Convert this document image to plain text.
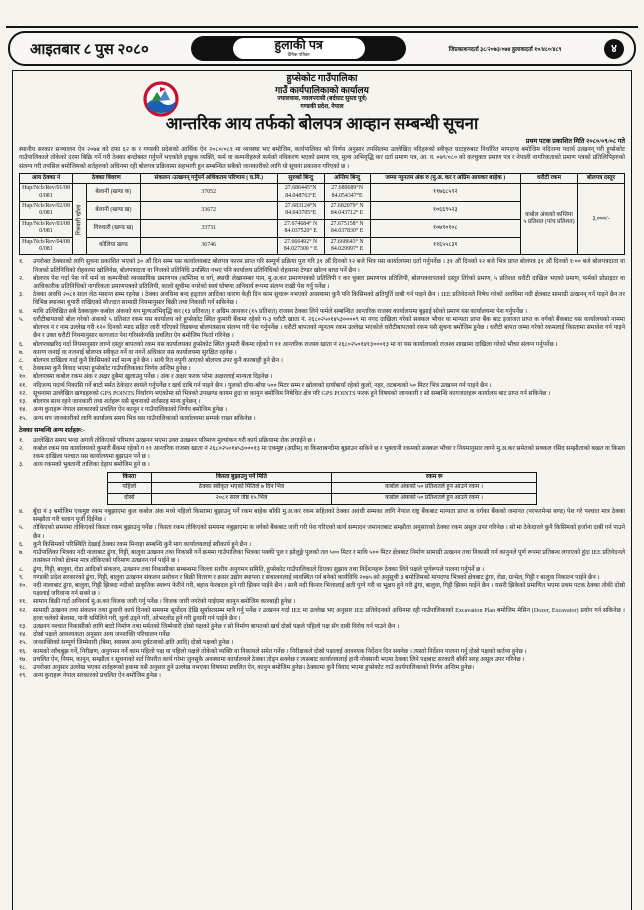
आइतबार ८ पुस २०८०	हुलाकी पत्र
दैनिक पत्रिका
जिप्रकाशनदर्ता ३८/२०७३/०७४ हुलाकदर्ता १०/४८०/४८९	४
हुप्सेकोट गाउँपालिका
गाउँ कार्यपालिकाको कार्यालय
ज्यालवास, नवलपरासी (बर्दघाट सुस्ता पूर्व)
गण्डकी प्रदेश, नेपाल
आन्तरिक आय तर्फको बोलपत्र आव्हान सम्बन्धी सूचना
प्रथम पटक प्रकाशित मिति २०८०/०९/०८ गते
स्थानीय सरकार सञ्चालन ऐन २०७४ को दफा ६२ क र गण्डकी प्रदेशको आर्थिक ऐन २०८०/०८१ मा व्यवस्था भए बमोजिम, कार्यपालिका को निर्णय अनुसार तपसिलमा उल्लेखित नदिहरुको स्वीकृत घाटहरुबाट निर्धारित मापदण्ड बमोजिम नदिजन्य पदार्थ उत्खनन् गरी हुप्सेकोट गाउँपालिकाले तोकेको दरमा बिक्रि गर्ने गरी ठेक्का बन्दोबस्त गर्नुपर्ने भएकोले इच्छुक व्यक्ति, फर्म वा कम्पनीहरुले फर्मको नविकरण भएको प्रमाण पत्र, मुल्य अभिवृद्धि कर दर्ता प्रमाण पत्र, आ. व. ०७९/०८० को करचुक्ता प्रमाण पत्र र नेपाली नागरिकताको प्रमाण पत्रको प्रतिलिपिहरुको संलग्न गरी तपसिल बमोजिमको शर्तहरुको अधिनमा रही बोलपत्र प्रक्रियामा सहभागी हुन सम्बन्धित सबैको जानकारीको लागि यो सूचना प्रकाशन गरिएको छ ।
आय ठेक्का नं	ठेक्का विवरण		संकलन /उत्खनन् गर्नुपर्ने अधिकतम परिणाम ( घ.मि.)	सुरुको बिन्दु	अन्तिम बिन्दु	जम्मा न्युनतम अंक रु (मु.अ. कर र अग्रिम आयकर बाहेक )	धरौटी रकम	बोलपत्र दस्तुर
Hup/Ncb/Rev/01/080/081	गिरुवारी खोला	बेलानी (खण्ड क)	37052	27.686445°N
84.048763°E	27.689689°N
84.054347°E	११७६८५९२	कबोल अंकको कम्तिमा ५ प्रतिशत (पांच प्रतिशत)	३,०००/-
Hup/Ncb/Rev/02/080/081		बेलानी (खण्ड ख)	33672	27.683124°N
84.043705°E	27.682079° N
84.043712° E	१०६६९५२३		
Hup/Ncb/Rev/03/080/081		गिरुवारी (खण्ड ख)	33731	27.674684° N
84.037520° E	27.675158° N
84.037830° E	१०७९०१०८		
Hup/Ncb/Rev/04/080/081		कोलिया खण्ड	36746	27.666492° N
84.027300 ° E	27.668643° N
84.029997° E	११६५५८३१		
१.	उपरोक्त ठेक्काको लागि सुचना प्रकाशित भएको ३० औं दिन सम्म यस कार्यालयबाट बोलपत्र फारम प्राप्त गरि सम्पूर्ण प्रक्रिया पुरा गरि ३१ औं दिनको १२ बजे भित्र यस कार्यालयमा दर्ता गर्नुपर्नेछ । ३१ औं दिनको १२ बजे भित्र प्राप्त बोलपत्र ३१ औं दिनको १:०० बजे बोलपत्रदाता वा निजको प्रतिनिधिको रोहवरमा खोलिनेछ, बोलपत्रदाता वा निजको प्रतिनिधि उपस्थित नभए पनि कार्यालय प्रतिनिधिको रोहवरमा टेण्डर खोल्न बाधा पर्ने छैन ।
२.	बोलपत्र पेश गर्दा पेश गर्ने फर्म वा कम्पनीको व्यवसायिक प्रमाणपत्र (कम्तिमा घ वर्ग, स्थायी लेखानम्बर पान, मु.अ.कर प्रमाणपत्रको प्रतिलिपी र कर चुक्ता प्रमाणपत्र प्रतिलिपी, बोलपत्रवापतको दस्तुर तिरेको प्रमाण, ५ प्रतिशत धरौटी दाखिल भएको प्रमाण, फर्मको प्रोप्राइटर वा आधिकारीक प्रतिनिधिको नागरिकता प्रमाणपत्रको प्रतिलिपी, कालो सूचीमा नपरेको स्वयं घोषणा अनिवार्य रूपमा संलग्न राखी पेश गर्नु पर्नेछ ।
३.	ठेक्का अवधि २०८१ साल जेठ मसान्त सम्म रहनेछ । ठेक्का अवधिमा बन्द हड्ताल आदिका कारण केही दिन काम सुचारू नभएको अवस्थामा कुनै पनि किसिमको क्षतिपूर्ति दाबी गर्न पाइने छैन । IEE प्रतिवेदनले निषेध गरेको अवधिमा नदी क्षेत्रबाट सामाग्री उत्खनन् गर्न पाइने छैन तर विभिन्न स्थानमा थुपारी राखिएको मौज्दात सामाग्री नियमानुसार बिक्री तथा निकासी गर्न सकिनेछ ।
४.	माथि उल्लिखित सबै ठेक्काहरू कबोल अंकको थप मूल्यअभिवृद्धि कर (१३ प्रतिशत) र अग्रिम आयकर (१५ प्रतिशत) राजस्व ठेक्का लिने फर्मले सम्बन्धित आन्तरिक राजस्व कार्यालयमा बुझाई सोको प्रमाण यस कार्यालयमा पेश गर्नुपर्नेछ ।
५.	धरौटीबापतको बोल गरेको अंकको ५ प्रतिशत रकम यस कार्यालय को हुप्सेकोट स्थित कुमारी बैंकमा रहेको ग-३ धरौटी खाता नं. २६८०२५०१४५३००००९ मा नगद दाखिला गरेको सक्कल भौचर वा मान्यता प्राप्त बैंक बाट इजाजत प्राप्त क वर्गको बैंकबाट यस कार्यालयको नाममा बोलपत्र नं र नाम उल्लेख गरी १२० दिनको म्याद सहित जारी गरिएको विडबण्ड बोलपत्रसाथ संलग्न गरी पेश गर्नुपर्नेछ । धरौटी बापतको न्यूनतम रकम उल्लेख भएकोले धरौटीबापतको रकम यसै सुचना बमोजिम हुनेछ । धरौटी बापत जम्मा गरेको रकमलाई किस्तामा समावेश गर्न पाइने छैन र उक्त धरौटी नियमानुसार कागजात पेश गरिसकेपछि प्रचलित ऐन बमोजिम फिर्ता गरिनेछ ।
६.	बोलपत्रखरिद गर्दा नियमानुसार लाग्ने दस्तुर बापतको रकम यस कार्यालयका हुप्सेकोट स्थित कुमारी बैंकमा रहेको ग ११ आन्तरिक राजस्व खाता नं २६८०२५०१४१३०००१३ मा वा यस कार्यालयको राजश्व शाखामा दाखिला गरेको भौचर संलग्न गर्नुपर्नेछ ।
७.	कारण जनाई वा नजनाई बोलपत्र स्वीकृत गर्ने वा नगर्ने अधिकार यस कार्यालयमा सुरक्षित रहनेछ ।
८.	बोलपत्र दाखिला गर्दा कुनै किसिमको शर्त मान्य हुने छैन । साथै रित नपुगी आएको बोलपत्र उपर कुनै कारबाही हुने छैन ।
९.	ठेक्कामा कुनै विवाद भएमा हुप्सेकोट गाउँपालिकाका निर्णय अन्तिम हुनेछ ।
१०.	बोलपत्रमा कबोल रकम अंक र अक्षर दुबैमा खुलाउनु पर्नेछ । अंक र अक्षर फरक परेमा अक्षरलाई मान्यता दिइनेछ ।
११.	नदिजन्य पदार्थ निकासि गर्ने बाटो मर्मत ठेकेदार स्वयंले गर्नुपर्नेछ र खर्च दाबि गर्न पाइने छैन । पुलको दाँया-बाँया ५०० मिटर सम्म र खोलाको दायाँबायाँ रहेको कुलो, नहर, तटबन्धको ५० मिटर भित्र उत्खनन गर्न पाइने छैन ।
१२.	सूचनामा उल्लेखित खण्डहरुको GPS POINTS निर्धारण भएकोमा सो भित्रको उपखण्ड कायम हुदा वा कानुन बमोजिम निषेधित क्षेत्र परि GPS POINTS फरक हुने विषयको जानकारी र सो सम्बन्धि कागजातहरू कार्यालय बाट प्राप्त गर्न सकिनेछ ।
१३.	बोलपत्र साथ रहने जानकारी तथा शर्तहरू यसै सूचनाको शर्तसरह मान्य हुनेछन् ।
१४.	अन्य कुराहरू नेपाल सरकारको प्रचलित ऐन कानून र गाउँपालिकाको निर्णय बमोजिम हुनेछ ।
१५.	अन्य थप जानकारीको लागि कार्यालय समय भित्र यस गाउँपालिकाको कार्यालयमा सम्पर्क राख्न सकिनेछ ।
ठेक्का सम्बन्धि अन्य शर्तहरू:-
१.	उल्लेखित समय भन्दा अगावै तोकिएको परिमाण उत्खनन भएमा उक्त उत्खनन परिमाण मुल्यांकन गरी कार्य प्रक्रियामा रोक लगाईने छ ।
२.	कबोल रकम यस कार्यालयको कुमारी बैंकमा रहेको ग ११ आन्तरिक राजस्व खाता नं २६८०२५०१४५३०००१३ मा एकमुष्ट (अग्रीम) वा किस्ताबन्दीमा बुझाउन सकिने छ र भुक्तानी रकमको सक्कल भौचर र नियमानुसार लाग्ने मु.अ.कर समेतको सक्कल रसिद सम्झौताको बखत वा किस्ता रकम दाखिला पश्चात यस कार्यालयमा बुझाउन पर्ने छ ।
३.	आय रकमको भुक्तानी तालिका देहाय बमोजिम हुने छ ।
किस्ता	किस्ता बुझाउनु पर्ने मिति	रकम रू
पहिलो	ठेक्का स्वीकृत भएको मितिले ७ दिन भित्र	कबोल अंकको ५० प्रतिशतले हुन आउने रकम ।
दोस्रो	२०८१ साल जेष्ठ १५ भित्र	कबोल अंकको ५० प्रतिशतले हुन आउने रकम ।
४.	बुँदा नं ३ बमोजिम एकमुष्ट रकम नबुझाएमा कुल कबोल अंक मध्ये पहिलो किस्तामा बुझाउनु पर्ने रकम बाहेक बाँकी मु.अ.कर रकम सहितको ठेक्का अवधी सम्मका लागि नेपाल राष्ट्र बैंकबाट मान्यता प्राप्त क वर्गका बैंकको जमानत (परफरमेन्स बण्ड) पेश गरे पश्चात मात्र ठेक्का सम्झौता गरी चलान पूर्जी दिईनेछ ।
५.	तोकिएको समयमा तोकिएको किस्ता रकम बुझाउनु पर्नेछ । किस्ता रकम तोकिएको समयमा नबुझाएमा क वर्गको बैंकबाट जारी गरी पेश गरिएको कार्य सम्पादन जमानतबाट सम्झौता अनुसारको ठेक्का रकम असुल उपर गरिनेछ । सो मा ठेकेदारले कुनै किसिमको हर्जाना दाबी गर्न पाउने छैन ।
६.	कुनै किसिमको परिस्थिति देखाई ठेक्का रकम मिनाहा सम्बन्धि कुनै माग कार्यालयलाई स्वीकार्य हुने छैन ।
७.	गाउँपालिका भित्रका नदी नालाबाट ढुंगा, गिट्टी, बालुवा उत्खनन तथा निकासी गर्ने क्रममा गाउँपालिका भित्रका पक्की पुल र झोलुङ्गे पुलको तल ५०० मिटर र माथि ५०० मिटर क्षेत्रबाट निर्माण सामाग्री उत्खनन तथा निकासी गर्न कानुनले पूर्ण रूपमा प्रतिबन्ध लगाएको हुंदा IEE प्रतिवेदनले तत्संकन गरेको क्षेत्रमा मात्र तोकिएको परिमाण उत्खनन गर्न पाईने छ ।
८.	ढुंगा, गिट्टी, बालुवा, रोडा आदिको संकलन, उत्खनन तथा निकासीका सम्बन्धमा जिल्ला स्तरीय अनुगमन समिति, हुप्सेकोट गाउँपालिकाले दिएका सुझाव तथा निर्देशनहरू ठेक्का लिने पक्षले पूर्णरूपले पालना गर्नुपर्ने छ ।
९.	गण्डकी प्रदेश सरकारको ढुंगा, गिट्टी, बालुवा उत्खनन संकलन प्रशोधन र बिक्री वितरण र क्रसर उद्योग स्थापना र संचालनलाई व्यवस्थित गर्न बनेको कार्यविधि २०७५ को अनुसूची ३ बमोजिमको मापदण्ड भित्रको क्षेत्रबाट ढुंगा, रोडा, ग्राभेल, गिट्टी र बालुवा निकाल्न पाईने छैन ।
१०.	नदी नालाबाट ढुंगा, बालुवा, गिट्टी झिक्दा नदीको प्राकृतिक स्वरूप फेरीने गरी, बहाव फेरबदल हुने गरी झिक्न पाईने छैन । साथै नदी किनार भित्तालाई क्षती पुग्ने गरी वा भूक्षय हुने गरी ढुंगा, बालुवा, गिट्टी झिक्न पाईने छैन । यसरी झिकेको प्रमाणित भएमा प्रथम पटक ठेक्का तोकी दोस्रो पक्षलाई जरिवाना गर्न सक्ने छ ।
११.	सामान बिक्री गर्दा अनिवार्य मु.अ.कर विजक जारी गर्नु पर्नेछ । विजक जारी नगरेको पाईएमा कानुन बमोजिम कारबाही हुनेछ ।
१२.	सामाग्री उत्खनन तथा संकलन तथा ढुवानी कार्य दिनको समयमा सूर्योदय देखि सूर्यास्तसम्म मात्रै गर्नु पर्नेछ र उत्खनन गर्दा IEE मा उल्लेख भए अनुसार IEE प्रतिवेदनको अधिनमा रही गाउँपालिकाको Excavation Plan बमोजिम मेसिन (Dozer, Excavator) प्रयोग गर्न सकिनेछ । हावा चलेको बेलामा, पानी धमिलिने गरी, धुलो उड्ने गरी, ओभरलोड हुने गरी ढुवानी गर्न पाईने छैन ।
१३.	उत्खनन पश्चात निकासीको लागि बाटो निर्माण तथा मर्मतको जिम्मेवारी दोस्रो पक्षको हुनेछ र सो निर्माण बापतको खर्च दोस्रो पक्षले पहिलो पक्ष सँग दाबी विरोध गर्न पाउने छैन ।
१४.	दोस्रो पक्षले आवश्यकता अनुसार अन्य जनशक्ति परिचालन गर्नेछ
१५.	जनशक्तिको सम्पूर्ण जिम्मेवारी (बिमा, स्वास्थ्य अन्य दुर्घटनाको क्षति आदि) दोस्रो पक्षको हुनेछ ।
१६.	कामको जाँचबुझ गर्ने, निरीक्षण, अनुगमन गर्ने काम पहिलो पक्ष वा पहिलो पक्षले तोकेको व्यक्ति वा निकायले समेत गर्नेछ । निरीक्षकले दोस्रो पक्षलाई आवश्यक निर्देशन दिन सक्नेछ । त्यस्तो निर्देशन पालना गर्नु दोस्रो पक्षको कर्तव्य हुनेछ ।
१७.	प्रचलित ऐन, नियम, कानुन, सम्झौता र सूचनाको शर्त विपरीत कार्य गरेमा जुनसुकै अवस्थामा कार्यालयले ठेक्का तोड्न सक्नेछ र त्यसबाट कार्यालयलाई हानी नोक्सानी भएमा ठेक्का लिने पक्षबाट सरकारी बाँकी सरह असूल उपर गरिनेछ ।
१८.	उपरोक्त अनुसार उल्लेख भएका शर्तहरूको हकमा यसै अनुसार हुने उल्लेख नभएका विषयमा प्रचलित ऐन, कानुन बमोजिम हुनेछ। ठेक्कामा कुनै विवाद भएमा हुप्सेकोट गाउँ कार्यपालिकाको निर्णय अन्तिम हुनेछ।
१९.	अन्य कुराहरू नेपाल सरकारको प्रचलित ऐन बमोजिम हुनेछ ।
